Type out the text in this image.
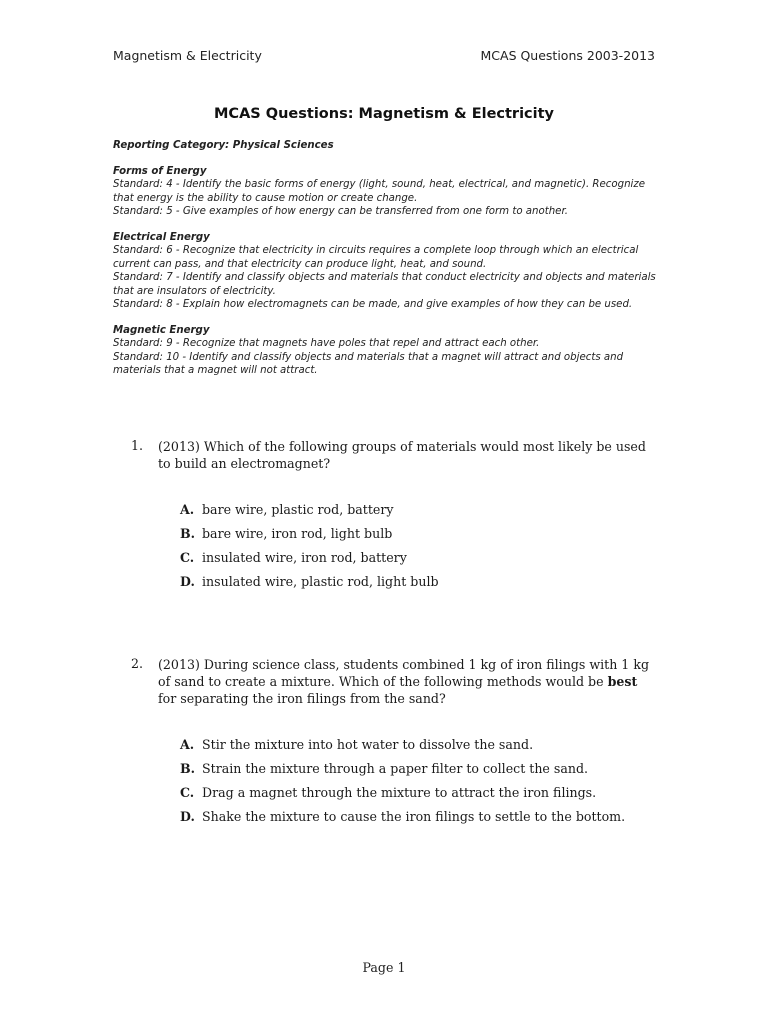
Magnetism & Electricity	MCAS Questions 2003-2013
MCAS Questions: Magnetism & Electricity
Reporting Category: Physical Sciences
Forms of Energy
Standard: 4 - Identify the basic forms of energy (light, sound, heat, electrical, and magnetic). Recognize that energy is the ability to cause motion or create change.
Standard: 5 - Give examples of how energy can be transferred from one form to another.
Electrical Energy
Standard: 6 - Recognize that electricity in circuits requires a complete loop through which an electrical current can pass, and that electricity can produce light, heat, and sound.
Standard: 7 - Identify and classify objects and materials that conduct electricity and objects and materials that are insulators of electricity.
Standard: 8 - Explain how electromagnets can be made, and give examples of how they can be used.
Magnetic Energy
Standard: 9 - Recognize that magnets have poles that repel and attract each other.
Standard: 10 - Identify and classify objects and materials that a magnet will attract and objects and materials that a magnet will not attract.
1.	(2013) Which of the following groups of materials would most likely be used to build an electromagnet?

A. bare wire, plastic rod, battery
B. bare wire, iron rod, light bulb
C. insulated wire, iron rod, battery
D. insulated wire, plastic rod, light bulb
2.	(2013) During science class, students combined 1 kg of iron filings with 1 kg of sand to create a mixture. Which of the following methods would be best for separating the iron filings from the sand?

A. Stir the mixture into hot water to dissolve the sand.
B. Strain the mixture through a paper filter to collect the sand.
C. Drag a magnet through the mixture to attract the iron filings.
D. Shake the mixture to cause the iron filings to settle to the bottom.
Page 1
